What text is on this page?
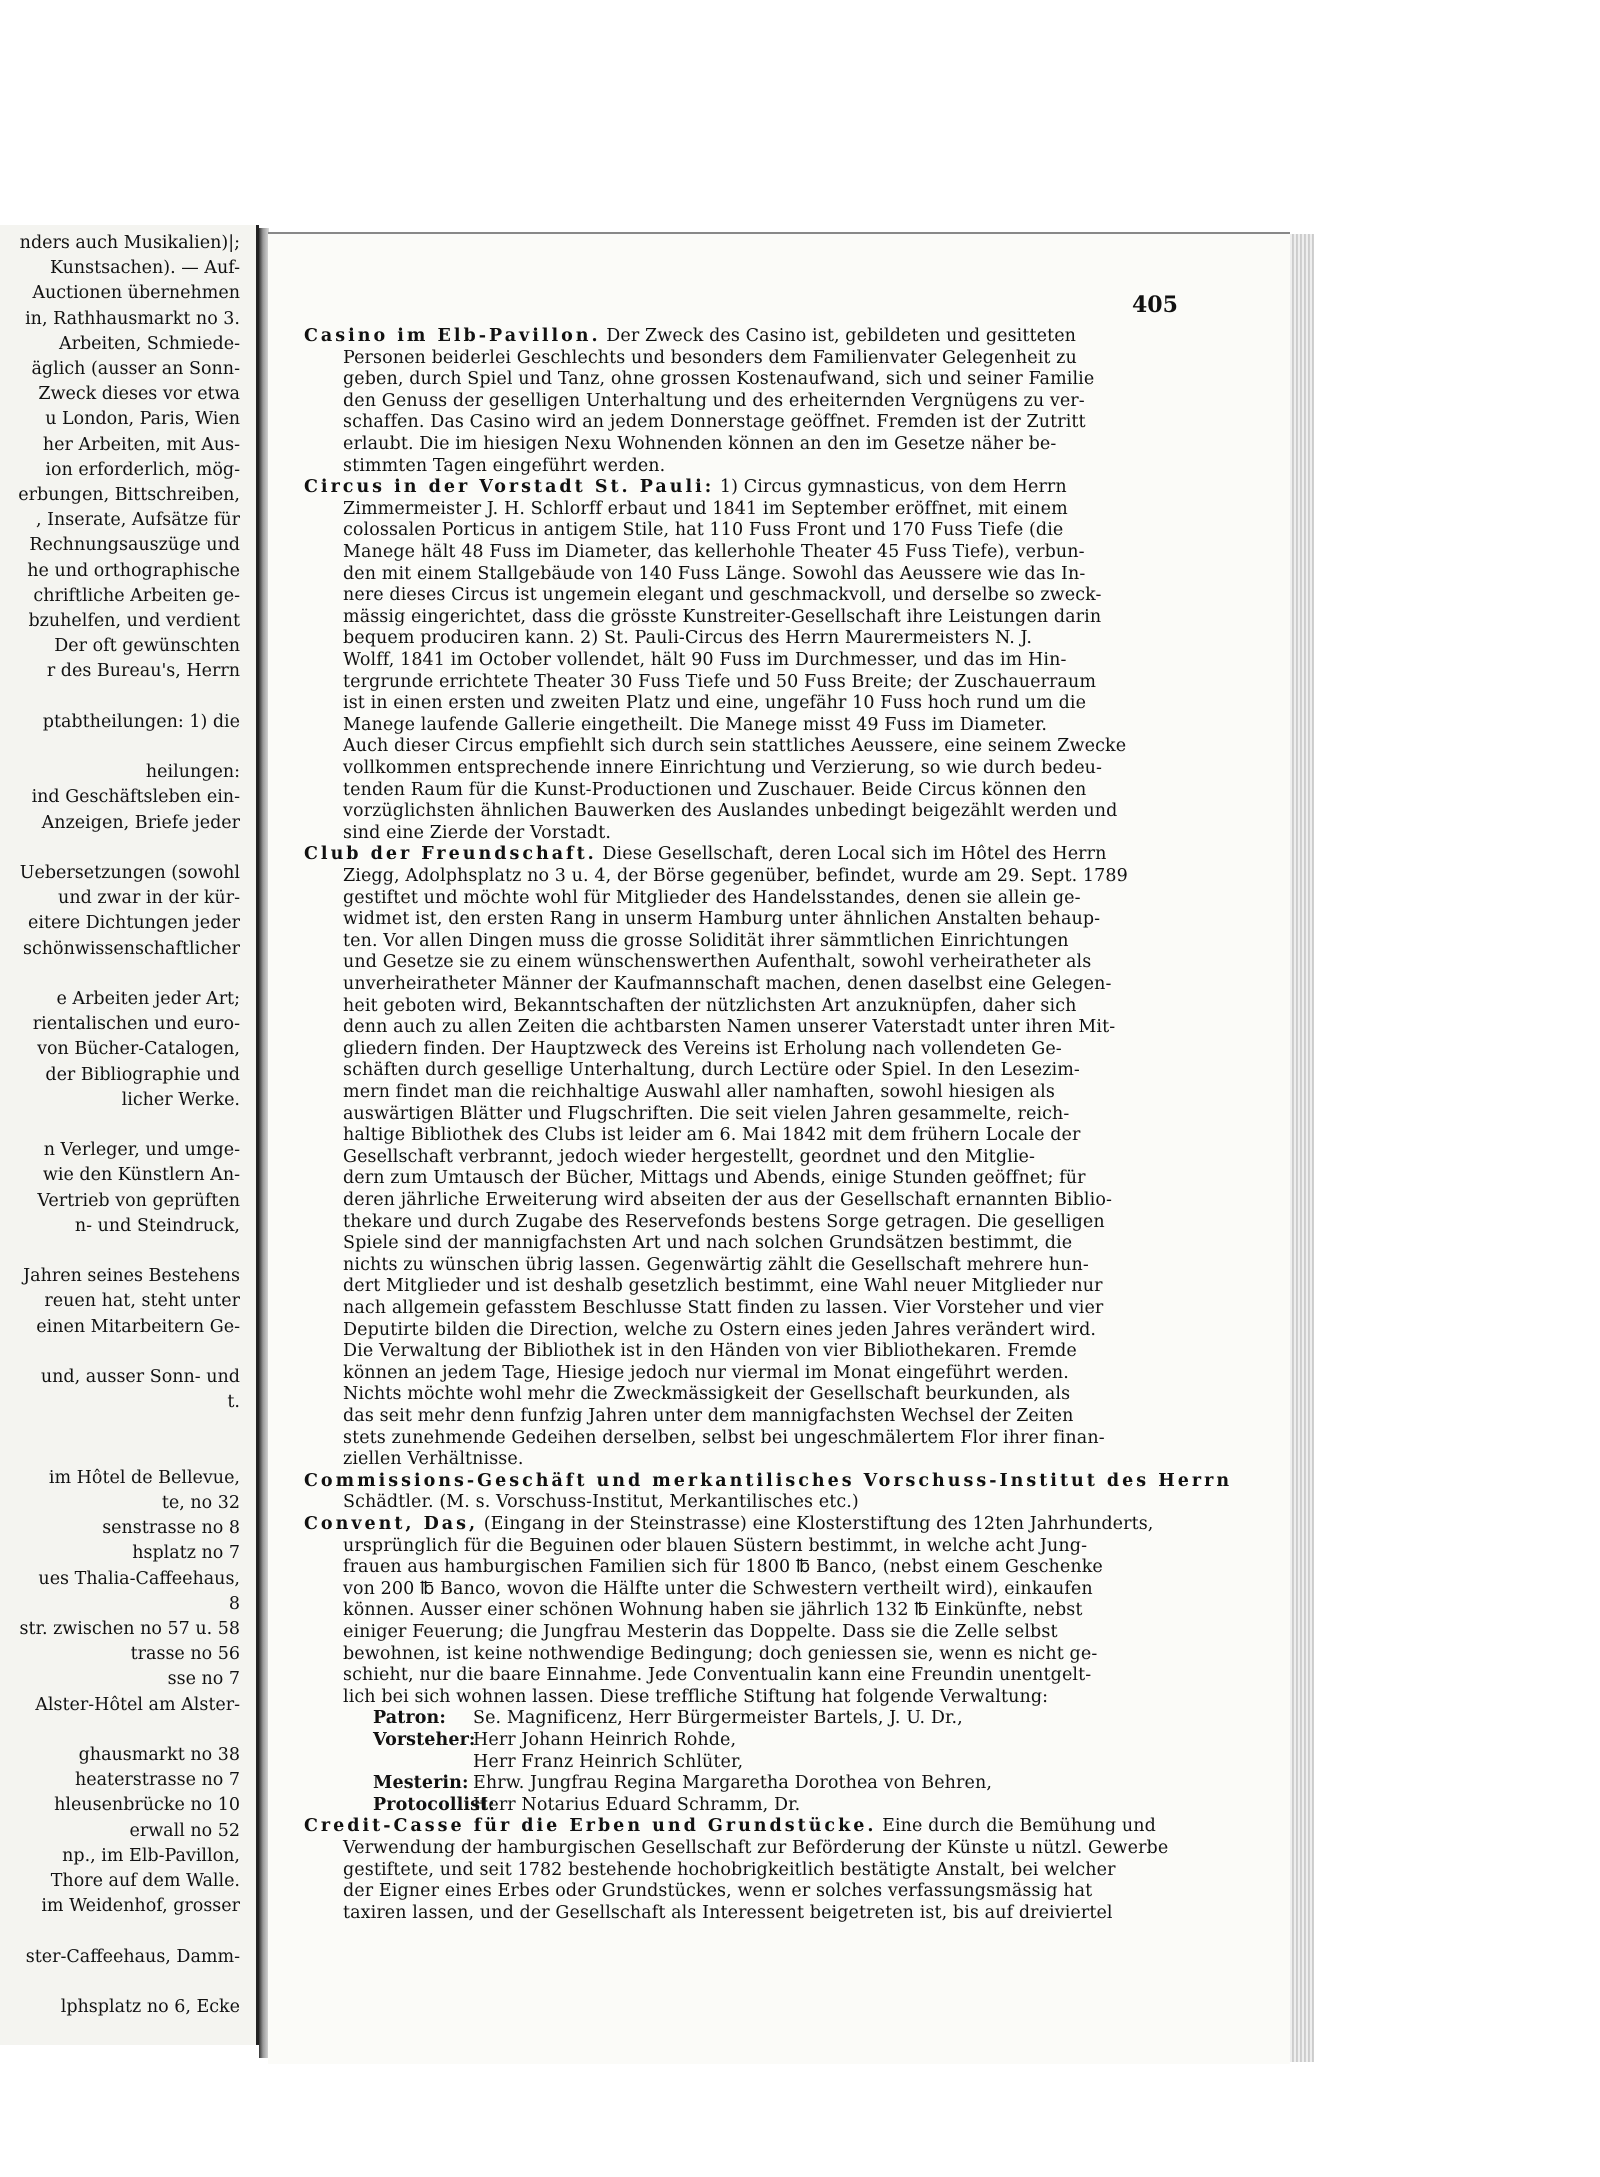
nders auch Musikalien)|;
Kunstsachen). — Auf-
Auctionen übernehmen
in, Rathhausmarkt no 3.
Arbeiten, Schmiede-
äglich (ausser an Sonn-
Zweck dieses vor etwa
u London, Paris, Wien
her Arbeiten, mit Aus-
ion erforderlich, mög-
erbungen, Bittschreiben,
, Inserate, Aufsätze für
Rechnungsauszüge und
he und orthographische
chriftliche Arbeiten ge-
bzuhelfen, und verdient
Der oft gewünschten
r des Bureau's, Herrn
ptabtheilungen: 1) die
heilungen:
ind Geschäftsleben ein-
Anzeigen, Briefe jeder
Uebersetzungen (sowohl
und zwar in der kür-
eitere Dichtungen jeder
schönwissenschaftlicher
e Arbeiten jeder Art;
rientalischen und euro-
von Bücher-Catalogen,
der Bibliographie und
licher Werke.
n Verleger, und umge-
wie den Künstlern An-
Vertrieb von geprüften
n- und Steindruck,
Jahren seines Bestehens
reuen hat, steht unter
einen Mitarbeitern Ge-
und, ausser Sonn- und
t.
im Hôtel de Bellevue,
te, no 32
senstrasse no 8
hsplatz no 7
ues Thalia-Caffeehaus,
8
str. zwischen no 57 u. 58
trasse no 56
sse no 7
Alster-Hôtel am Alster-
ghausmarkt no 38
heaterstrasse no 7
hleusenbrücke no 10
erwall no 52
np., im Elb-Pavillon,
Thore auf dem Walle.
im Weidenhof, grosser
ster-Caffeehaus, Damm-
lphsplatz no 6, Ecke
Casino im Elb-Pavillon. Der Zweck des Casino ist, gebildeten und gesitteten
Personen beiderlei Geschlechts und besonders dem Familienvater Gelegenheit zu
geben, durch Spiel und Tanz, ohne grossen Kostenaufwand, sich und seiner Familie
den Genuss der geselligen Unterhaltung und des erheiternden Vergnügens zu ver-
schaffen. Das Casino wird an jedem Donnerstage geöffnet. Fremden ist der Zutritt
erlaubt. Die im hiesigen Nexu Wohnenden können an den im Gesetze näher be-
stimmten Tagen eingeführt werden.
Circus in der Vorstadt St. Pauli: 1) Circus gymnasticus, von dem Herrn
Zimmermeister J. H. Schlorff erbaut und 1841 im September eröffnet, mit einem
colossalen Porticus in antigem Stile, hat 110 Fuss Front und 170 Fuss Tiefe (die
Manege hält 48 Fuss im Diameter, das kellerhohle Theater 45 Fuss Tiefe), verbun-
den mit einem Stallgebäude von 140 Fuss Länge. Sowohl das Aeussere wie das In-
nere dieses Circus ist ungemein elegant und geschmackvoll, und derselbe so zweck-
mässig eingerichtet, dass die grösste Kunstreiter-Gesellschaft ihre Leistungen darin
bequem produciren kann. 2) St. Pauli-Circus des Herrn Maurermeisters N. J.
Wolff, 1841 im October vollendet, hält 90 Fuss im Durchmesser, und das im Hin-
tergrunde errichtete Theater 30 Fuss Tiefe und 50 Fuss Breite; der Zuschauerraum
ist in einen ersten und zweiten Platz und eine, ungefähr 10 Fuss hoch rund um die
Manege laufende Gallerie eingetheilt. Die Manege misst 49 Fuss im Diameter.
Auch dieser Circus empfiehlt sich durch sein stattliches Aeussere, eine seinem Zwecke
vollkommen entsprechende innere Einrichtung und Verzierung, so wie durch bedeu-
tenden Raum für die Kunst-Productionen und Zuschauer. Beide Circus können den
vorzüglichsten ähnlichen Bauwerken des Auslandes unbedingt beigezählt werden und
sind eine Zierde der Vorstadt.
Club der Freundschaft. Diese Gesellschaft, deren Local sich im Hôtel des Herrn
Ziegg, Adolphsplatz no 3 u. 4, der Börse gegenüber, befindet, wurde am 29. Sept. 1789
gestiftet und möchte wohl für Mitglieder des Handelsstandes, denen sie allein ge-
widmet ist, den ersten Rang in unserm Hamburg unter ähnlichen Anstalten behaup-
ten. Vor allen Dingen muss die grosse Solidität ihrer sämmtlichen Einrichtungen
und Gesetze sie zu einem wünschenswerthen Aufenthalt, sowohl verheiratheter als
unverheiratheter Männer der Kaufmannschaft machen, denen daselbst eine Gelegen-
heit geboten wird, Bekanntschaften der nützlichsten Art anzuknüpfen, daher sich
denn auch zu allen Zeiten die achtbarsten Namen unserer Vaterstadt unter ihren Mit-
gliedern finden. Der Hauptzweck des Vereins ist Erholung nach vollendeten Ge-
schäften durch gesellige Unterhaltung, durch Lectüre oder Spiel. In den Lesezim-
mern findet man die reichhaltige Auswahl aller namhaften, sowohl hiesigen als
auswärtigen Blätter und Flugschriften. Die seit vielen Jahren gesammelte, reich-
haltige Bibliothek des Clubs ist leider am 6. Mai 1842 mit dem frühern Locale der
Gesellschaft verbrannt, jedoch wieder hergestellt, geordnet und den Mitglie-
dern zum Umtausch der Bücher, Mittags und Abends, einige Stunden geöffnet; für
deren jährliche Erweiterung wird abseiten der aus der Gesellschaft ernannten Biblio-
thekare und durch Zugabe des Reservefonds bestens Sorge getragen. Die geselligen
Spiele sind der mannigfachsten Art und nach solchen Grundsätzen bestimmt, die
nichts zu wünschen übrig lassen. Gegenwärtig zählt die Gesellschaft mehrere hun-
dert Mitglieder und ist deshalb gesetzlich bestimmt, eine Wahl neuer Mitglieder nur
nach allgemein gefasstem Beschlusse Statt finden zu lassen. Vier Vorsteher und vier
Deputirte bilden die Direction, welche zu Ostern eines jeden Jahres verändert wird.
Die Verwaltung der Bibliothek ist in den Händen von vier Bibliothekaren. Fremde
können an jedem Tage, Hiesige jedoch nur viermal im Monat eingeführt werden.
Nichts möchte wohl mehr die Zweckmässigkeit der Gesellschaft beurkunden, als
das seit mehr denn funfzig Jahren unter dem mannigfachsten Wechsel der Zeiten
stets zunehmende Gedeihen derselben, selbst bei ungeschmälertem Flor ihrer finan-
ziellen Verhältnisse.
Commissions-Geschäft und merkantilisches Vorschuss-Institut des Herrn
Schädtler. (M. s. Vorschuss-Institut, Merkantilisches etc.)
Convent, Das, (Eingang in der Steinstrasse) eine Klosterstiftung des 12ten Jahrhunderts,
ursprünglich für die Beguinen oder blauen Süstern bestimmt, in welche acht Jung-
frauen aus hamburgischen Familien sich für 1800 ℔ Banco, (nebst einem Geschenke
von 200 ℔ Banco, wovon die Hälfte unter die Schwestern vertheilt wird), einkaufen
können. Ausser einer schönen Wohnung haben sie jährlich 132 ℔ Einkünfte, nebst
einiger Feuerung; die Jungfrau Mesterin das Doppelte. Dass sie die Zelle selbst
bewohnen, ist keine nothwendige Bedingung; doch geniessen sie, wenn es nicht ge-
schieht, nur die baare Einnahme. Jede Conventualin kann eine Freundin unentgelt-
lich bei sich wohnen lassen. Diese treffliche Stiftung hat folgende Verwaltung:
Patron: Se. Magnificenz, Herr Bürgermeister Bartels, J. U. Dr.,
Vorsteher:Herr Johann Heinrich Rohde,
Herr Franz Heinrich Schlüter,
Mesterin: Ehrw. Jungfrau Regina Margaretha Dorothea von Behren,
Protocollist:Herr Notarius Eduard Schramm, Dr.
Credit-Casse für die Erben und Grundstücke. Eine durch die Bemühung und
Verwendung der hamburgischen Gesellschaft zur Beförderung der Künste u nützl. Gewerbe
gestiftete, und seit 1782 bestehende hochobrigkeitlich bestätigte Anstalt, bei welcher
der Eigner eines Erbes oder Grundstückes, wenn er solches verfassungsmässig hat
taxiren lassen, und der Gesellschaft als Interessent beigetreten ist, bis auf dreiviertel
405
